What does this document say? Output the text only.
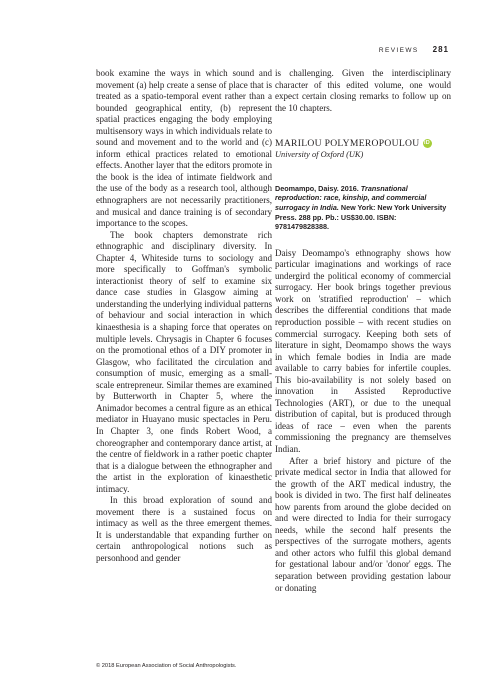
REVIEWS 281

book examine the ways in which sound and movement (a) help create a sense of place that is treated as a spatio-temporal event rather than a bounded geographical entity, (b) represent spatial practices engaging the body employing multisensory ways in which individuals relate to sound and movement and to the world and (c) inform ethical practices related to emotional effects. Another layer that the editors promote in the book is the idea of intimate fieldwork and the use of the body as a research tool, although ethnographers are not necessarily practitioners, and musical and dance training is of secondary importance to the scopes.

The book chapters demonstrate rich ethnographic and disciplinary diversity. In Chapter 4, Whiteside turns to sociology and more specifically to Goffman's symbolic interactionist theory of self to examine six dance case studies in Glasgow aiming at understanding the underlying individual patterns of behaviour and social interaction in which kinaesthesia is a shaping force that operates on multiple levels. Chrysagis in Chapter 6 focuses on the promotional ethos of a DIY promoter in Glasgow, who facilitated the circulation and consumption of music, emerging as a small-scale entrepreneur. Similar themes are examined by Butterworth in Chapter 5, where the Animador becomes a central figure as an ethical mediator in Huayano music spectacles in Peru. In Chapter 3, one finds Robert Wood, a choreographer and contemporary dance artist, at the centre of fieldwork in a rather poetic chapter that is a dialogue between the ethnographer and the artist in the exploration of kinaesthetic intimacy.

In this broad exploration of sound and movement there is a sustained focus on intimacy as well as the three emergent themes. It is understandable that expanding further on certain anthropological notions such as personhood and gender

is challenging. Given the interdisciplinary character of this edited volume, one would expect certain closing remarks to follow up on the 10 chapters.

MARILOU POLYMEROPOULOU iD
University of Oxford (UK)
Deomampo, Daisy. 2016. Transnational reproduction: race, kinship, and commercial surrogacy in India. New York: New York University Press. 288 pp. Pb.: US$30.00. ISBN: 9781479828388.

Daisy Deomampo's ethnography shows how particular imaginations and workings of race undergird the political economy of commercial surrogacy. Her book brings together previous work on 'stratified reproduction' – which describes the differential conditions that made reproduction possible – with recent studies on commercial surrogacy. Keeping both sets of literature in sight, Deomampo shows the ways in which female bodies in India are made available to carry babies for infertile couples. This bio-availability is not solely based on innovation in Assisted Reproductive Technologies (ART), or due to the unequal distribution of capital, but is produced through ideas of race – even when the parents commissioning the pregnancy are themselves Indian.

After a brief history and picture of the private medical sector in India that allowed for the growth of the ART medical industry, the book is divided in two. The first half delineates how parents from around the globe decided on and were directed to India for their surrogacy needs, while the second half presents the perspectives of the surrogate mothers, agents and other actors who fulfil this global demand for gestational labour and/or 'donor' eggs. The separation between providing gestation labour or donating

© 2018 European Association of Social Anthropologists.
